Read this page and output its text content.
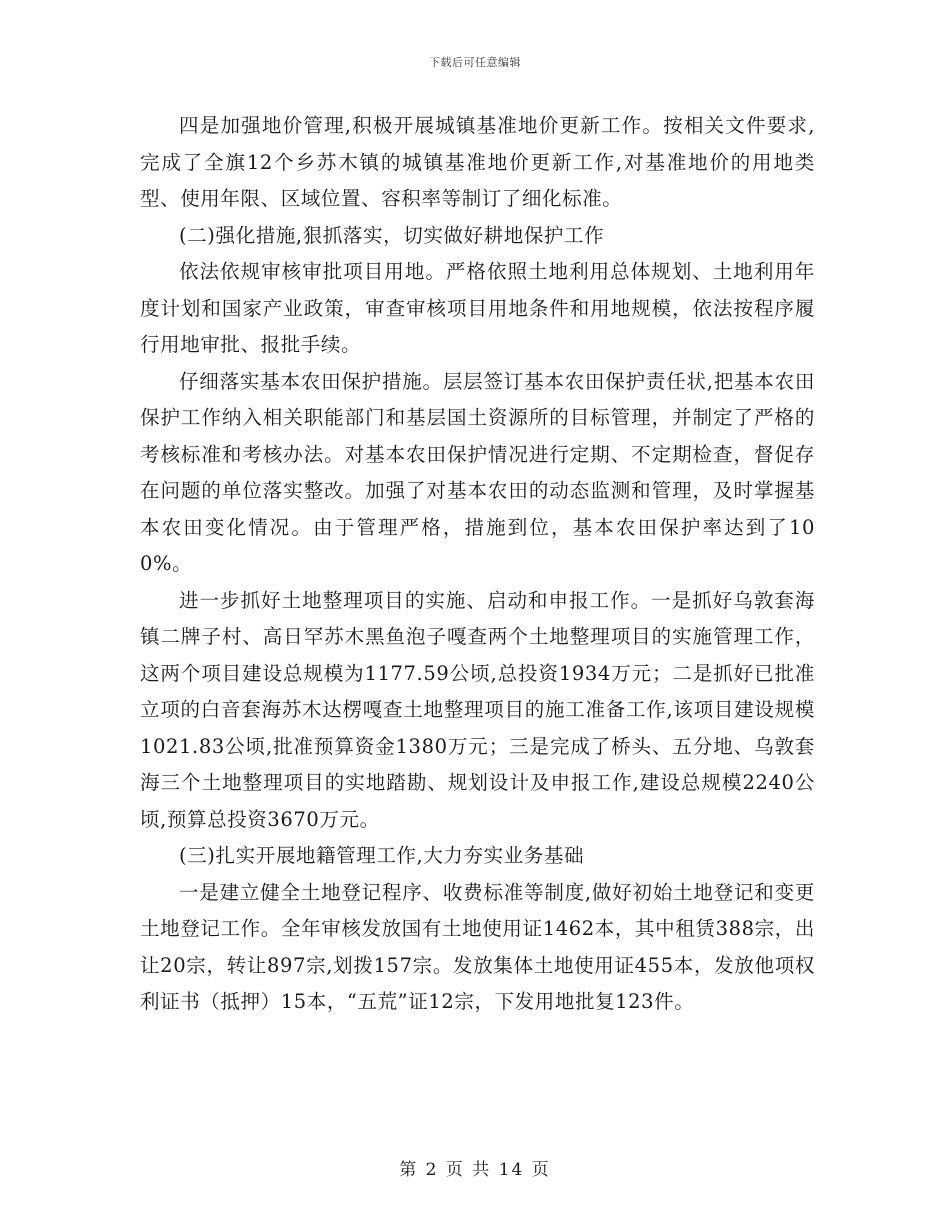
下载后可任意编辑

四是加强地价管理,积极开展城镇基准地价更新工作。按相关文件要求,完成了全旗12个乡苏木镇的城镇基准地价更新工作,对基准地价的用地类型、使用年限、区域位置、容积率等制订了细化标准。

(二)强化措施,狠抓落实，切实做好耕地保护工作

依法依规审核审批项目用地。严格依照土地利用总体规划、土地利用年度计划和国家产业政策，审查审核项目用地条件和用地规模，依法按程序履行用地审批、报批手续。

仔细落实基本农田保护措施。层层签订基本农田保护责任状,把基本农田保护工作纳入相关职能部门和基层国土资源所的目标管理，并制定了严格的考核标准和考核办法。对基本农田保护情况进行定期、不定期检查，督促存在问题的单位落实整改。加强了对基本农田的动态监测和管理，及时掌握基本农田变化情况。由于管理严格，措施到位，基本农田保护率达到了100%。

进一步抓好土地整理项目的实施、启动和申报工作。一是抓好乌敦套海镇二牌子村、高日罕苏木黑鱼泡子嘎查两个土地整理项目的实施管理工作，这两个项目建设总规模为1177.59公顷,总投资1934万元；二是抓好已批准立项的白音套海苏木达楞嘎查土地整理项目的施工准备工作,该项目建设规模1021.83公顷,批准预算资金1380万元；三是完成了桥头、五分地、乌敦套海三个土地整理项目的实地踏勘、规划设计及申报工作,建设总规模2240公顷,预算总投资3670万元。

(三)扎实开展地籍管理工作,大力夯实业务基础

一是建立健全土地登记程序、收费标准等制度,做好初始土地登记和变更土地登记工作。全年审核发放国有土地使用证1462本，其中租赁388宗，出让20宗，转让897宗,划拨157宗。发放集体土地使用证455本，发放他项权利证书（抵押）15本，“五荒”证12宗，下发用地批复123件。

第 2 页 共 14 页
